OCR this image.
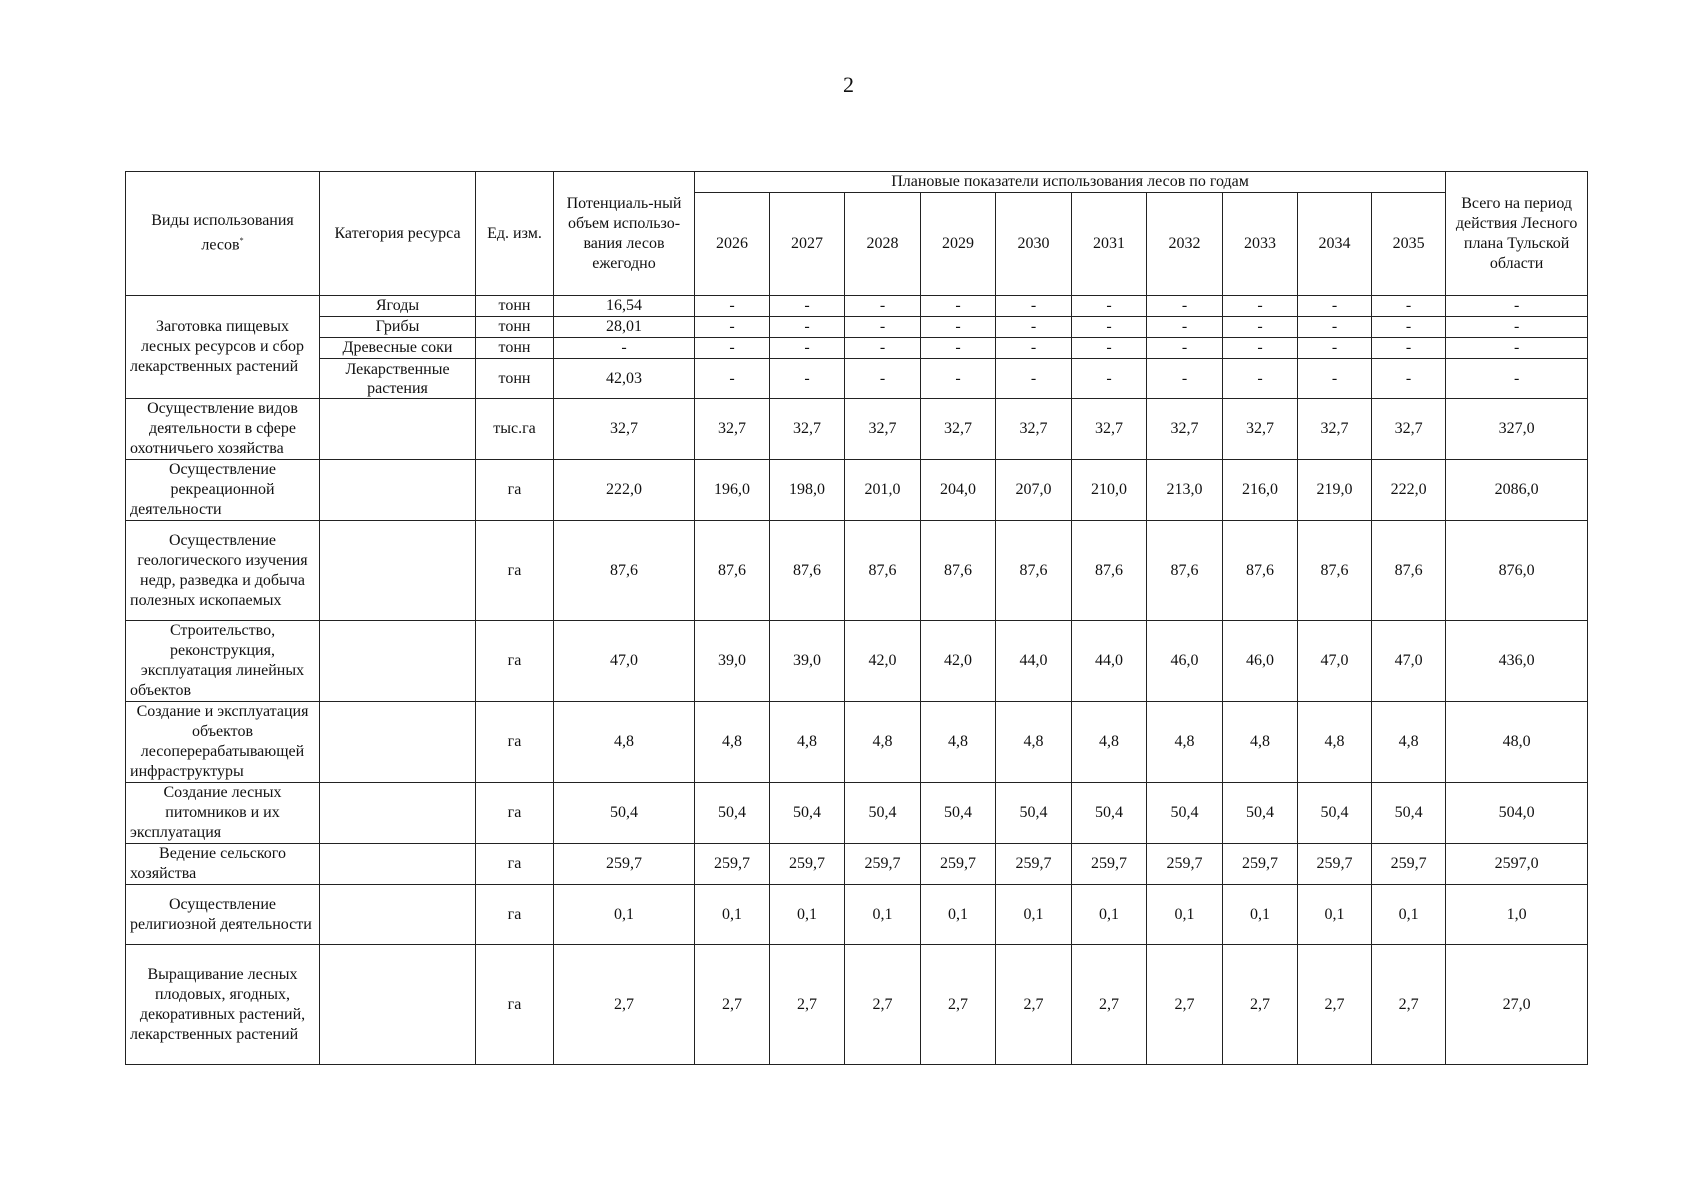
2
Виды использования лесов*	Категория ресурса	Ед. изм.	Потенциаль-ный объем использо-вания лесов ежегодно	Плановые показатели использования лесов по годам										Всего на период действия Лесного плана Тульской области
				2026	2027	2028	2029	2030	2031	2032	2033	2034	2035	
Заготовка пищевых лесных ресурсов и сбор лекарственных растений	Ягоды	тонн	16,54	-	-	-	-	-	-	-	-	-	-	-
	Грибы	тонн	28,01	-	-	-	-	-	-	-	-	-	-	-
	Древесные соки	тонн	-	-	-	-	-	-	-	-	-	-	-	-
	Лекарственные растения	тонн	42,03	-	-	-	-	-	-	-	-	-	-	-
Осуществление видов деятельности в сфере охотничьего хозяйства		тыс.га	32,7	32,7	32,7	32,7	32,7	32,7	32,7	32,7	32,7	32,7	32,7	327,0
Осуществление рекреационной деятельности		га	222,0	196,0	198,0	201,0	204,0	207,0	210,0	213,0	216,0	219,0	222,0	2086,0
Осуществление геологического изучения недр, разведка и добыча полезных ископаемых		га	87,6	87,6	87,6	87,6	87,6	87,6	87,6	87,6	87,6	87,6	87,6	876,0
Строительство, реконструкция, эксплуатация линейных объектов		га	47,0	39,0	39,0	42,0	42,0	44,0	44,0	46,0	46,0	47,0	47,0	436,0
Создание и эксплуатация объектов лесоперерабатывающей инфраструктуры		га	4,8	4,8	4,8	4,8	4,8	4,8	4,8	4,8	4,8	4,8	4,8	48,0
Создание лесных питомников и их эксплуатация		га	50,4	50,4	50,4	50,4	50,4	50,4	50,4	50,4	50,4	50,4	50,4	504,0
Ведение сельского хозяйства		га	259,7	259,7	259,7	259,7	259,7	259,7	259,7	259,7	259,7	259,7	259,7	2597,0
Осуществление религиозной деятельности		га	0,1	0,1	0,1	0,1	0,1	0,1	0,1	0,1	0,1	0,1	0,1	1,0
Выращивание лесных плодовых, ягодных, декоративных растений, лекарственных растений		га	2,7	2,7	2,7	2,7	2,7	2,7	2,7	2,7	2,7	2,7	2,7	27,0
